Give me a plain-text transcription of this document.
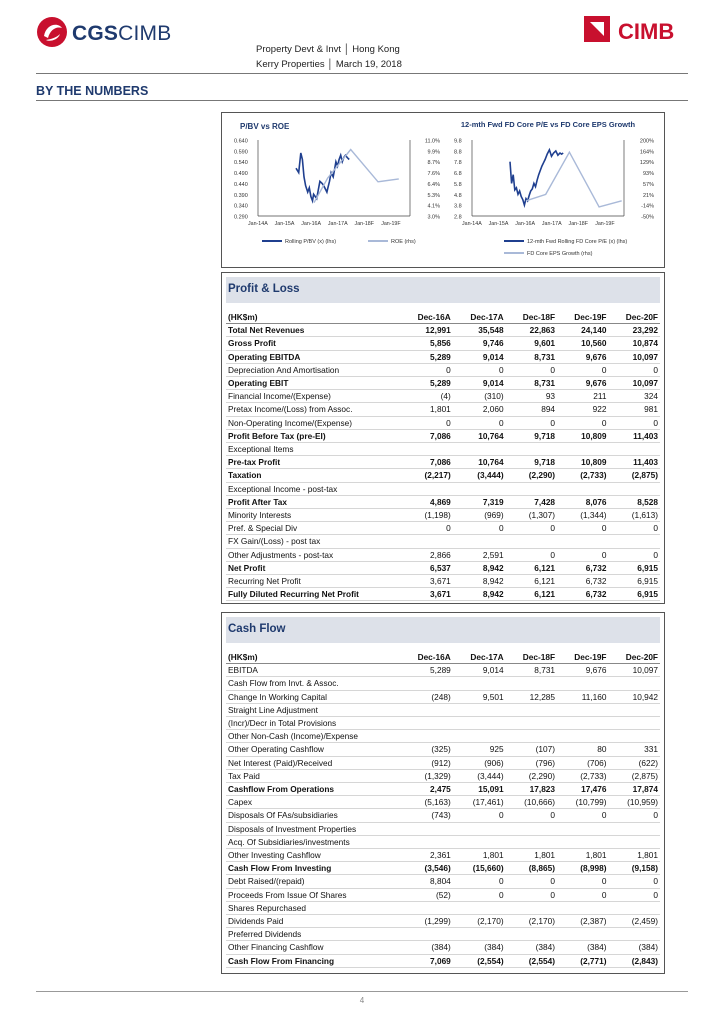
CGSCIMB	CIMB
Property Devt & Invt │ Hong Kong
Kerry Properties │ March 19, 2018
BY THE NUMBERS
P/BV vs ROE
0.640
0.590
0.540
0.490
0.440
0.390
0.340
0.290
11.0%
9.9%
8.7%
7.6%
6.4%
5.3%
4.1%
3.0%
Jan-14A Jan-15A Jan-16A Jan-17A Jan-18F Jan-19F
Rolling P/BV (x) (lhs)	ROE (rhs)
12-mth Fwd FD Core P/E vs FD Core EPS Growth
9.8
8.8
7.8
6.8
5.8
4.8
3.8
2.8
200%
164%
129%
93%
57%
21%
-14%
-50%
Jan-14A Jan-15A Jan-16A Jan-17A Jan-18F Jan-19F
12-mth Fwd Rolling FD Core P/E (x) (lhs)
FD Core EPS Growth (rhs)
Profit & Loss
(HK$m)	Dec-16A	Dec-17A	Dec-18F	Dec-19F	Dec-20F
Total Net Revenues	12,991	35,548	22,863	24,140	23,292
Gross Profit	5,856	9,746	9,601	10,560	10,874
Operating EBITDA	5,289	9,014	8,731	9,676	10,097
Depreciation And Amortisation	0	0	0	0	0
Operating EBIT	5,289	9,014	8,731	9,676	10,097
Financial Income/(Expense)	(4)	(310)	93	211	324
Pretax Income/(Loss) from Assoc.	1,801	2,060	894	922	981
Non-Operating Income/(Expense)	0	0	0	0	0
Profit Before Tax (pre-EI)	7,086	10,764	9,718	10,809	11,403
Exceptional Items					
Pre-tax Profit	7,086	10,764	9,718	10,809	11,403
Taxation	(2,217)	(3,444)	(2,290)	(2,733)	(2,875)
Exceptional Income - post-tax					
Profit After Tax	4,869	7,319	7,428	8,076	8,528
Minority Interests	(1,198)	(969)	(1,307)	(1,344)	(1,613)
Pref. & Special Div	0	0	0	0	0
FX Gain/(Loss) - post tax					
Other Adjustments - post-tax	2,866	2,591	0	0	0
Net Profit	6,537	8,942	6,121	6,732	6,915
Recurring Net Profit	3,671	8,942	6,121	6,732	6,915
Fully Diluted Recurring Net Profit	3,671	8,942	6,121	6,732	6,915
Cash Flow
(HK$m)	Dec-16A	Dec-17A	Dec-18F	Dec-19F	Dec-20F
EBITDA	5,289	9,014	8,731	9,676	10,097
Cash Flow from Invt. & Assoc.					
Change In Working Capital	(248)	9,501	12,285	11,160	10,942
Straight Line Adjustment					
(Incr)/Decr in Total Provisions					
Other Non-Cash (Income)/Expense					
Other Operating Cashflow	(325)	925	(107)	80	331
Net Interest (Paid)/Received	(912)	(906)	(796)	(706)	(622)
Tax Paid	(1,329)	(3,444)	(2,290)	(2,733)	(2,875)
Cashflow From Operations	2,475	15,091	17,823	17,476	17,874
Capex	(5,163)	(17,461)	(10,666)	(10,799)	(10,959)
Disposals Of FAs/subsidiaries	(743)	0	0	0	0
Disposals of Investment Properties					
Acq. Of Subsidiaries/investments					
Other Investing Cashflow	2,361	1,801	1,801	1,801	1,801
Cash Flow From Investing	(3,546)	(15,660)	(8,865)	(8,998)	(9,158)
Debt Raised/(repaid)	8,804	0	0	0	0
Proceeds From Issue Of Shares	(52)	0	0	0	0
Shares Repurchased					
Dividends Paid	(1,299)	(2,170)	(2,170)	(2,387)	(2,459)
Preferred Dividends					
Other Financing Cashflow	(384)	(384)	(384)	(384)	(384)
Cash Flow From Financing	7,069	(2,554)	(2,554)	(2,771)	(2,843)
4
